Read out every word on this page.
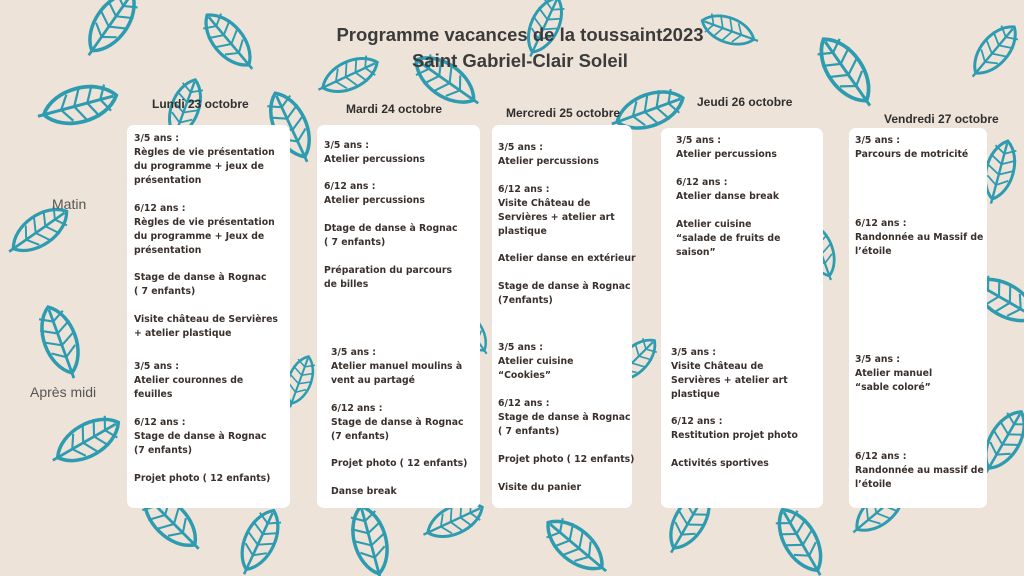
Programme vacances de la toussaint2023
Saint Gabriel-Clair Soleil
Matin
Après midi
Lundi 23 octobre	Mardi 24 octobre	Mercredi 25 octobre
Jeudi 26 octobre
Vendredi 27 octobre
3/5 ans :
Règles de vie présentation
du programme + jeux de
présentation
6/12 ans :
Règles de vie présentation
du programme + Jeux de
présentation
Stage de danse à Rognac
( 7 enfants)
Visite château de Servières
+ atelier plastique
3/5 ans :
Atelier couronnes de
feuilles
6/12 ans :
Stage de danse à Rognac
(7 enfants)
Projet photo ( 12 enfants)
3/5 ans :
Atelier percussions
6/12 ans :
Atelier percussions
Dtage de danse à Rognac
( 7 enfants)
Préparation du parcours
de billes
3/5 ans :
Atelier manuel moulins à
vent au partagé
6/12 ans :
Stage de danse à Rognac
(7 enfants)
Projet photo ( 12 enfants)
Danse break
3/5 ans :
Atelier percussions
6/12 ans :
Visite Château de
Servières + atelier art
plastique
Atelier danse en extérieur
Stage de danse à Rognac
(7enfants)
3/5 ans :
Atelier cuisine
“Cookies”
6/12 ans :
Stage de danse à Rognac
( 7 enfants)
Projet photo ( 12 enfants)
Visite du panier
3/5 ans :
Atelier percussions
6/12 ans :
Atelier danse break
Atelier cuisine
“salade de fruits de
saison”
3/5 ans :
Visite Château de
Servières + atelier art
plastique
6/12 ans :
Restitution projet photo
Activités sportives
3/5 ans :
Parcours de motricité
6/12 ans :
Randonnée au Massif de
l’étoile
3/5 ans :
Atelier manuel
“sable coloré”
6/12 ans :
Randonnée au massif de
l’étoile
